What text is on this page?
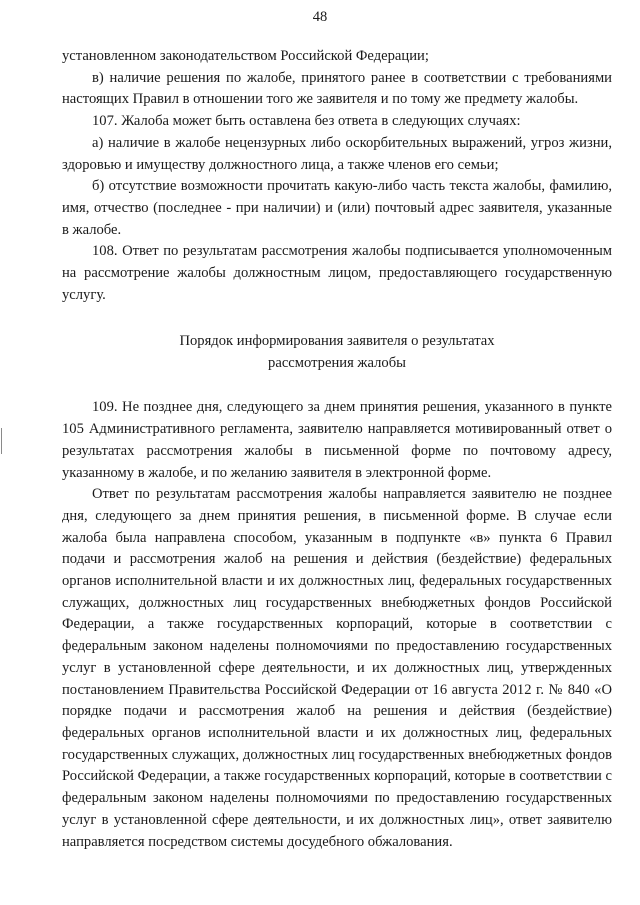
48

установленном законодательством Российской Федерации;

в) наличие решения по жалобе, принятого ранее в соответствии с требованиями настоящих Правил в отношении того же заявителя и по тому же предмету жалобы.

107. Жалоба может быть оставлена без ответа в следующих случаях:

а) наличие в жалобе нецензурных либо оскорбительных выражений, угроз жизни, здоровью и имуществу должностного лица, а также членов его семьи;

б) отсутствие возможности прочитать какую-либо часть текста жалобы, фамилию, имя, отчество (последнее - при наличии) и (или) почтовый адрес заявителя, указанные в жалобе.

108. Ответ по результатам рассмотрения жалобы подписывается уполномоченным на рассмотрение жалобы должностным лицом, предоставляющего государственную услугу.

Порядок информирования заявителя о результатах
рассмотрения жалобы

109. Не позднее дня, следующего за днем принятия решения, указанного в пункте 105 Административного регламента, заявителю направляется мотивированный ответ о результатах рассмотрения жалобы в письменной форме по почтовому адресу, указанному в жалобе, и по желанию заявителя в электронной форме.

Ответ по результатам рассмотрения жалобы направляется заявителю не позднее дня, следующего за днем принятия решения, в письменной форме. В случае если жалоба была направлена способом, указанным в подпункте «в» пункта 6 Правил подачи и рассмотрения жалоб на решения и действия (бездействие) федеральных органов исполнительной власти и их должностных лиц, федеральных государственных служащих, должностных лиц государственных внебюджетных фондов Российской Федерации, а также государственных корпораций, которые в соответствии с федеральным законом наделены полномочиями по предоставлению государственных услуг в установленной сфере деятельности, и их должностных лиц, утвержденных постановлением Правительства Российской Федерации от 16 августа 2012 г. № 840 «О порядке подачи и рассмотрения жалоб на решения и действия (бездействие) федеральных органов исполнительной власти и их должностных лиц, федеральных государственных служащих, должностных лиц государственных внебюджетных фондов Российской Федерации, а также государственных корпораций, которые в соответствии с федеральным законом наделены полномочиями по предоставлению государственных услуг в установленной сфере деятельности, и их должностных лиц», ответ заявителю направляется посредством системы досудебного обжалования.
